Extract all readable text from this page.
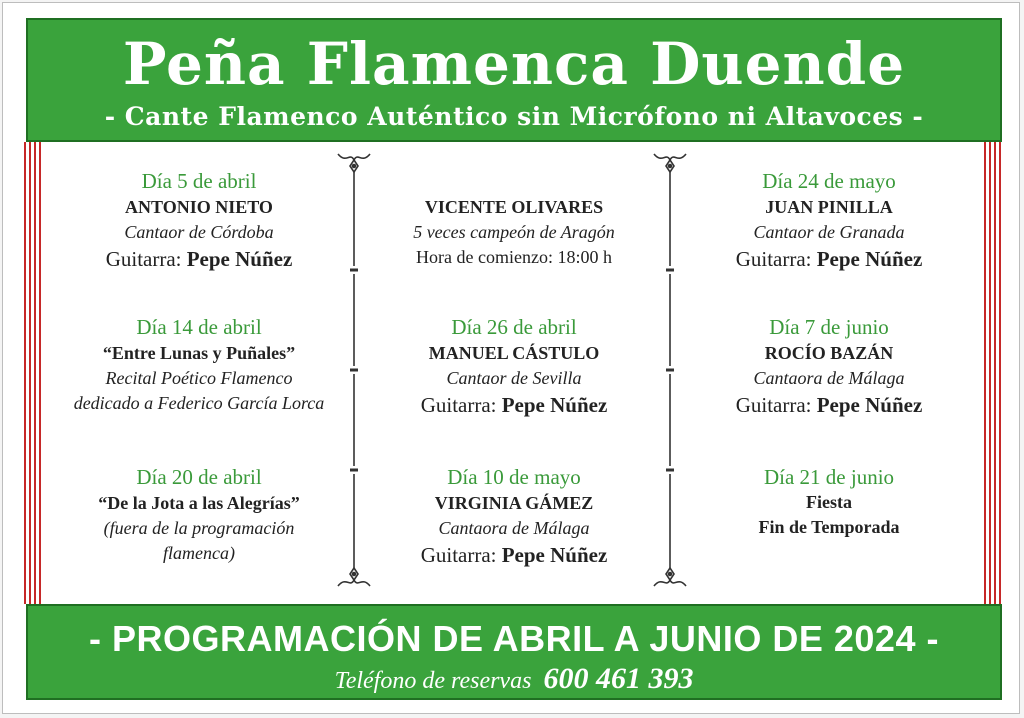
Peña Flamenca Duende
- Cante Flamenco Auténtico sin Micrófono ni Altavoces -
Día 5 de abril
ANTONIO NIETO
Cantaor de Córdoba
Guitarra: Pepe Núñez
VICENTE OLIVARES
5 veces campeón de Aragón
Hora de comienzo: 18:00 h
Día 24 de mayo
JUAN PINILLA
Cantaor de Granada
Guitarra: Pepe Núñez
Día 14 de abril
“Entre Lunas y Puñales”
Recital Poético Flamenco
dedicado a Federico García Lorca
Día 26 de abril
MANUEL CÁSTULO
Cantaor de Sevilla
Guitarra: Pepe Núñez
Día 7 de junio
ROCÍO BAZÁN
Cantaora de Málaga
Guitarra: Pepe Núñez
Día 20 de abril
“De la Jota a las Alegrías”
(fuera de la programación
flamenca)
Día 10 de mayo
VIRGINIA GÁMEZ
Cantaora de Málaga
Guitarra: Pepe Núñez
Día 21 de junio
Fiesta
Fin de Temporada
- PROGRAMACIÓN DE ABRIL A JUNIO DE 2024 -
Teléfono de reservas 600 461 393
